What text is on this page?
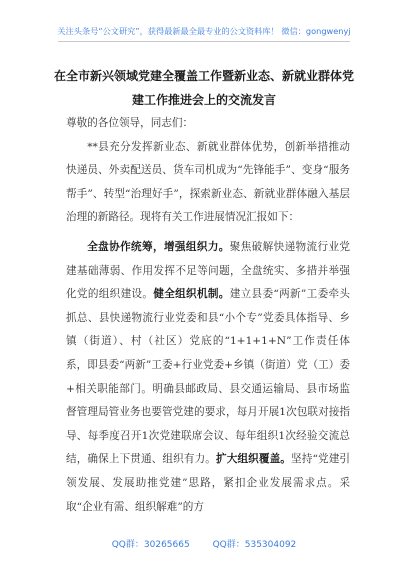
关注头条号“公文研究”，获得最新最全最专业的公文资料库！ 微信：gongwenyj
在全市新兴领域党建全覆盖工作暨新业态、新就业群体党
建工作推进会上的交流发言

尊敬的各位领导，同志们：

**县充分发挥新业态、新就业群体优势，创新举措推动快递员、外卖配送员、货车司机成为“先锋能手”、变身“服务帮手”、转型“治理好手”，探索新业态、新就业群体融入基层治理的新路径。现将有关工作进展情况汇报如下：

全盘协作统筹，增强组织力。聚焦破解快递物流行业党建基础薄弱、作用发挥不足等问题，全盘统实、多措并举强化党的组织建设。健全组织机制。建立县委“两新”工委牵头抓总、县快递物流行业党委和县“小个专”党委具体指导、乡镇（街道）、村（社区）党底的“1+1+1+N”工作责任体系，即县委“两新”工委+行业党委+乡镇（街道）党（工）委+相关职能部门。明确县邮政局、县交通运输局、县市场监督管理局管业务也要管党建的要求，每月开展1次包联对接指导、每季度召开1次党建联席会议、每年组织1次经验交流总结，确保上下贯通、组织有力。扩大组织覆盖。坚持“党建引领发展、发展助推党建”思路，紧扣企业发展需求点。采取“企业有需、组织解难”的方

QQ群：30265665	QQ群：535304092
